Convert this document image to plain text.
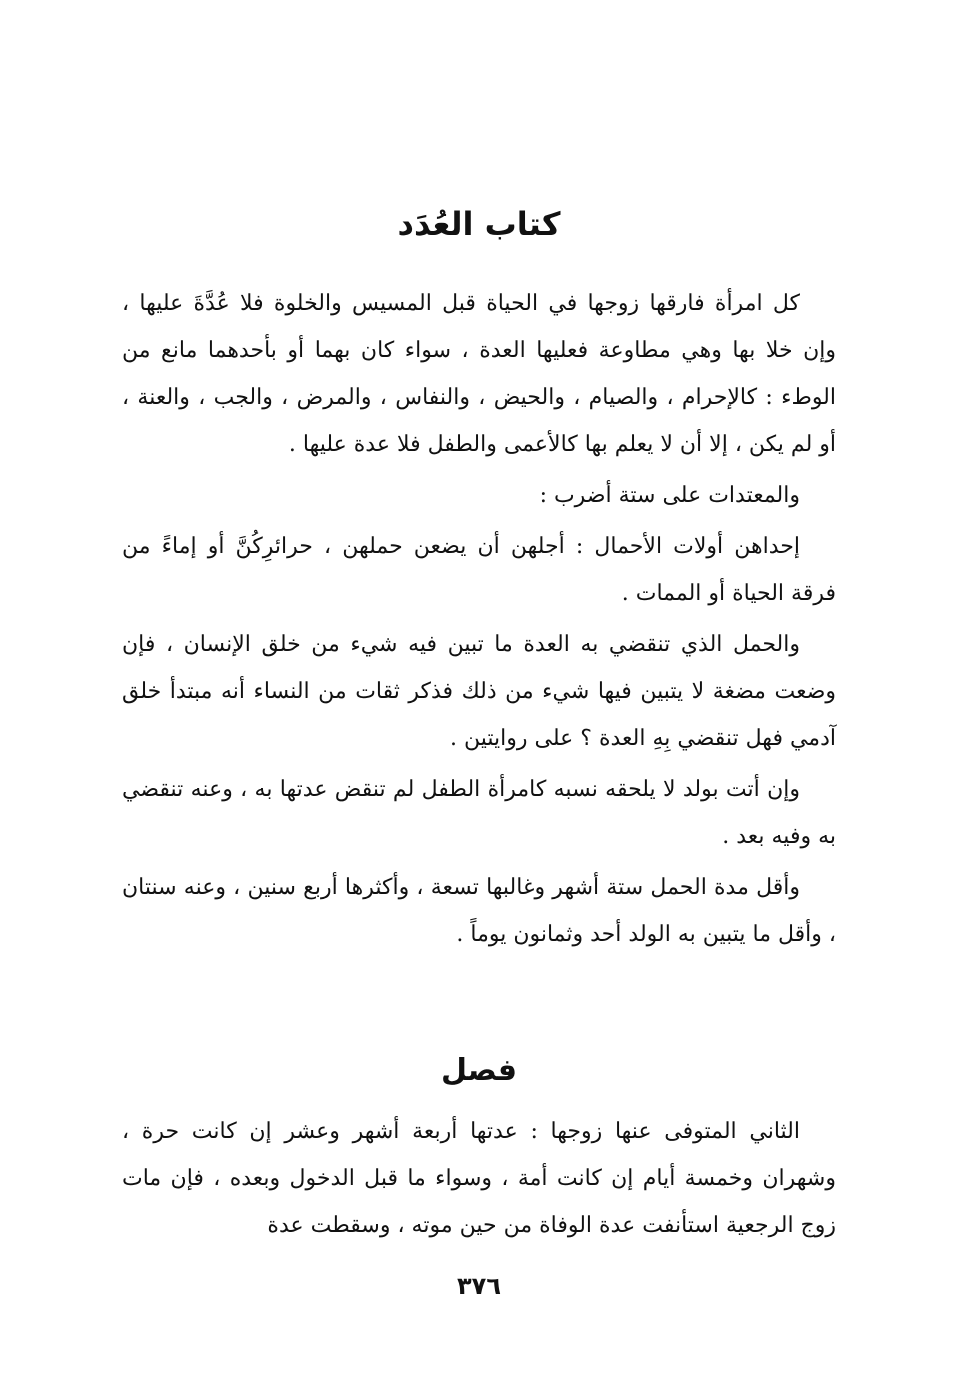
كتاب العُدَد

كل امرأة فارقها زوجها في الحياة قبل المسيس والخلوة فلا عُدَّةَ عليها ، وإن خلا بها وهي مطاوعة فعليها العدة ، سواء كان بهما أو بأحدهما مانع من الوطء : كالإحرام ، والصيام ، والحيض ، والنفاس ، والمرض ، والجب ، والعنة ، أو لم يكن ، إلا أن لا يعلم بها كالأعمى والطفل فلا عدة عليها .

والمعتدات على ستة أضرب :

إحداهن أولات الأحمال : أجلهن أن يضعن حملهن ، حرائرِكُنَّ أو إماءً من فرقة الحياة أو الممات .

والحمل الذي تنقضي به العدة ما تبين فيه شيء من خلق الإنسان ، فإن وضعت مضغة لا يتبين فيها شيء من ذلك فذكر ثقات من النساء أنه مبتدأ خلق آدمي فهل تنقضي بِهِ العدة ؟ على روايتين .

وإن أتت بولد لا يلحقه نسبه كامرأة الطفل لم تنقض عدتها به ، وعنه تنقضي به وفيه بعد .

وأقل مدة الحمل ستة أشهر وغالبها تسعة ، وأكثرها أربع سنين ، وعنه سنتان ، وأقل ما يتبين به الولد أحد وثمانون يوماً .

فصل

الثاني المتوفى عنها زوجها : عدتها أربعة أشهر وعشر إن كانت حرة ، وشهران وخمسة أيام إن كانت أمة ، وسواء ما قبل الدخول وبعده ، فإن مات زوج الرجعية استأنفت عدة الوفاة من حين موته ، وسقطت عدة

٣٧٦
